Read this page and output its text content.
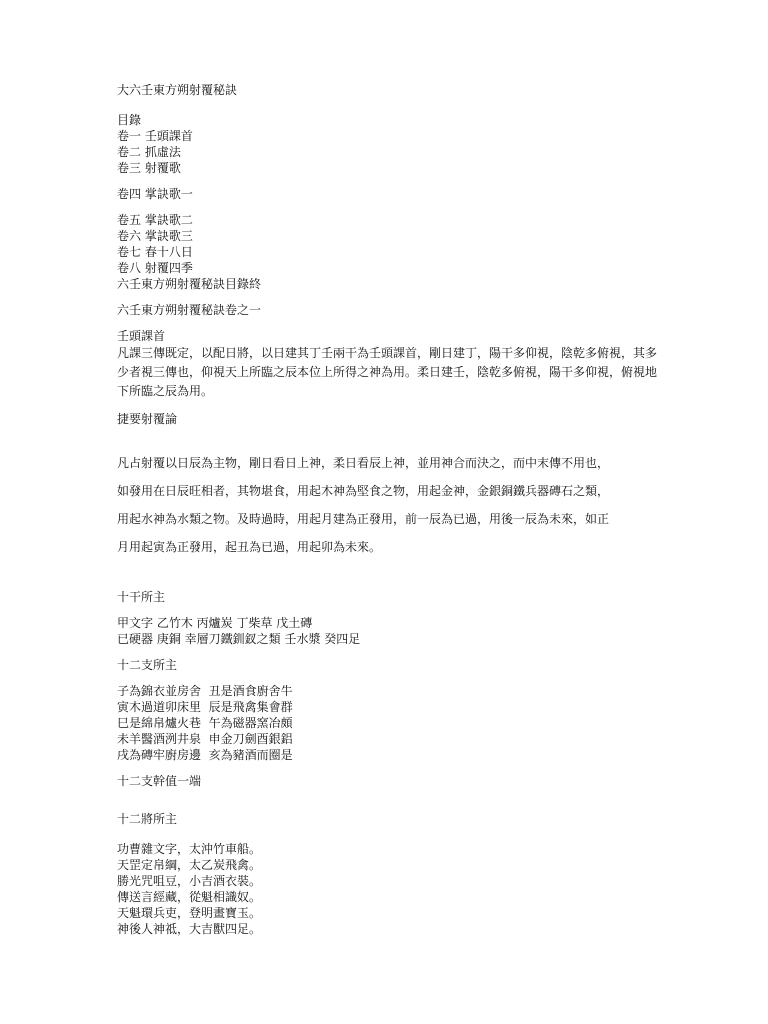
大六壬東方朔射覆秘訣
目錄
卷一 壬頭課首
卷二 抓虛法
卷三 射覆歌
卷四 掌訣歌一
卷五 掌訣歌二
卷六 掌訣歌三
卷七 春十八日
卷八 射覆四季
六壬東方朔射覆秘訣目錄終
六壬東方朔射覆秘訣卷之一
壬頭課首
凡課三傳既定，以配日將，以日建其丁壬兩干為壬頭課首，剛日建丁，陽干多仰視，陰乾多俯視，其多少者視三傳也，仰視天上所臨之辰本位上所得之神為用。柔日建壬，陰乾多俯視，陽干多仰視，俯視地下所臨之辰為用。
捷要射覆論
凡占射覆以日辰為主物，剛日看日上神，柔日看辰上神，並用神合而決之，而中末傳不用也，
如發用在日辰旺相者，其物堪食，用起木神為堅食之物，用起金神，金銀銅鐵兵器磚石之類，
用起水神為水類之物。及時過時，用起月建為正發用，前一辰為已過，用後一辰為未來，如正
月用起寅為正發用，起丑為已過，用起卯為未來。
十干所主
甲文字 乙竹木 丙爐炭 丁柴草 戊土磚
已硬器 庚銅 幸層刀鐵釧釵之類 壬水漿 癸四足
十二支所主
子為錦衣並房舍  丑是酒食廚舍牛
寅木過道卯床里  辰是飛禽集會群
巳是綿帛爐火巷  午為磁器窯冶頗
未羊醫酒洌井泉  申金刀劍酉銀鋁
戌為磚牢廚房邊  亥為豬酒而圈是
十二支幹值一端
十二將所主
功曹雜文字，太沖竹車船。
天罡定帛綱，太乙炭飛禽。
勝光咒咀豆，小吉酒衣裝。
傳送言經藏，從魁相識奴。
天魁環兵吏，登明畫寶玉。
神後人神祗，大吉獸四足。
